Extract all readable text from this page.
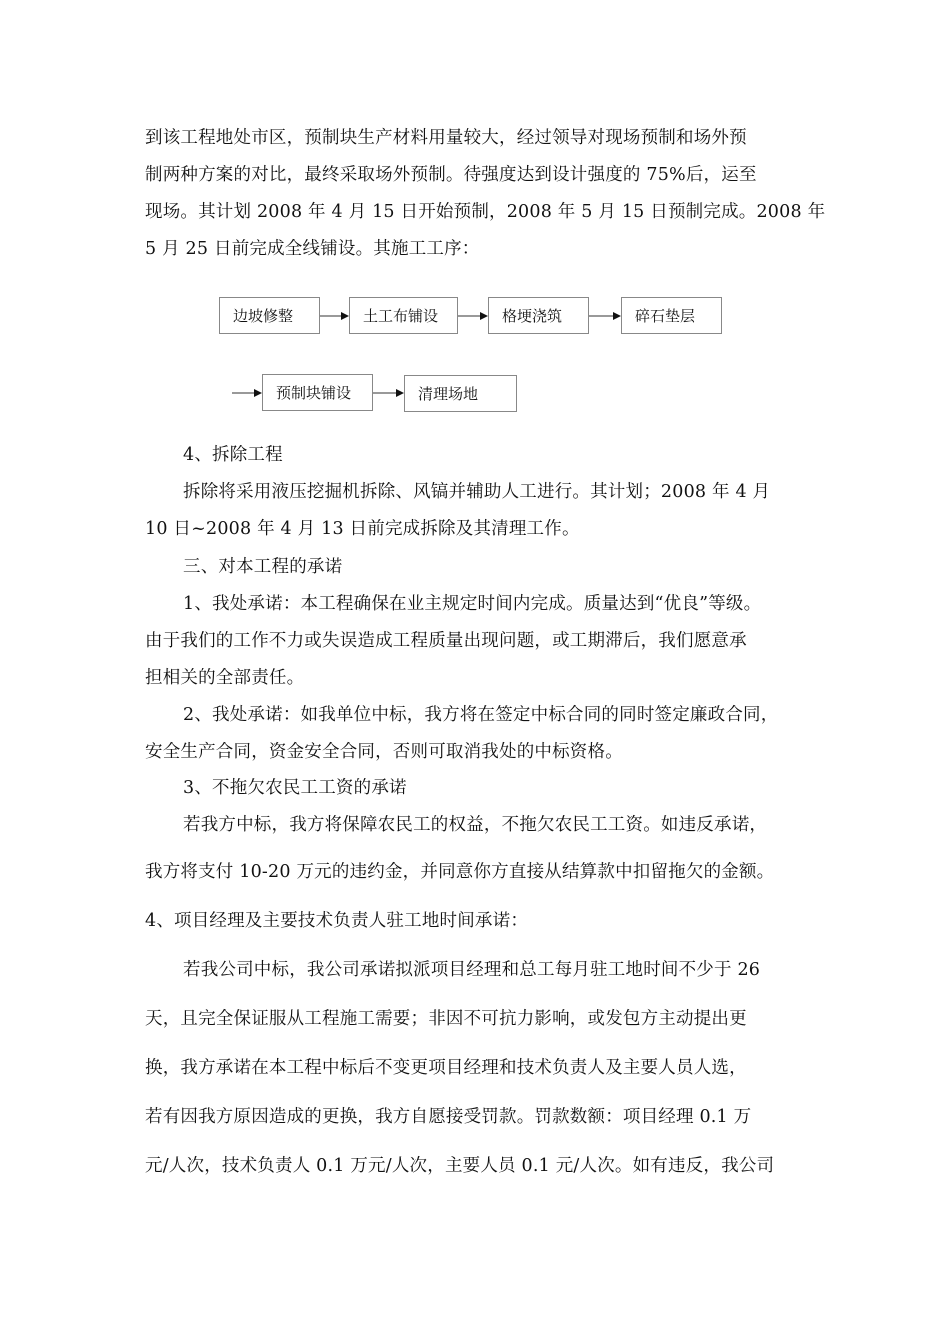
到该工程地处市区，预制块生产材料用量较大，经过领导对现场预制和场外预
制两种方案的对比，最终采取场外预制。待强度达到设计强度的 75%后，运至
现场。其计划 2008 年 4 月 15 日开始预制，2008 年 5 月 15 日预制完成。2008 年
5 月 25 日前完成全线铺设。其施工工序：
边坡修整	土工布铺设	格埂浇筑	碎石垫层
预制块铺设	清理场地
4、拆除工程
拆除将采用液压挖掘机拆除、风镐并辅助人工进行。其计划；2008 年 4 月
10 日~2008 年 4 月 13 日前完成拆除及其清理工作。
三、对本工程的承诺
1、我处承诺：本工程确保在业主规定时间内完成。质量达到“优良”等级。
由于我们的工作不力或失误造成工程质量出现问题，或工期滞后，我们愿意承
担相关的全部责任。
2、我处承诺：如我单位中标，我方将在签定中标合同的同时签定廉政合同，
安全生产合同，资金安全合同，否则可取消我处的中标资格。
3、不拖欠农民工工资的承诺
若我方中标，我方将保障农民工的权益，不拖欠农民工工资。如违反承诺，
我方将支付 10-20 万元的违约金，并同意你方直接从结算款中扣留拖欠的金额。
4、项目经理及主要技术负责人驻工地时间承诺：
若我公司中标，我公司承诺拟派项目经理和总工每月驻工地时间不少于 26
天，且完全保证服从工程施工需要；非因不可抗力影响，或发包方主动提出更
换，我方承诺在本工程中标后不变更项目经理和技术负责人及主要人员人选，
若有因我方原因造成的更换，我方自愿接受罚款。罚款数额：项目经理 0.1 万
元/人次，技术负责人 0.1 万元/人次，主要人员 0.1 元/人次。如有违反，我公司
